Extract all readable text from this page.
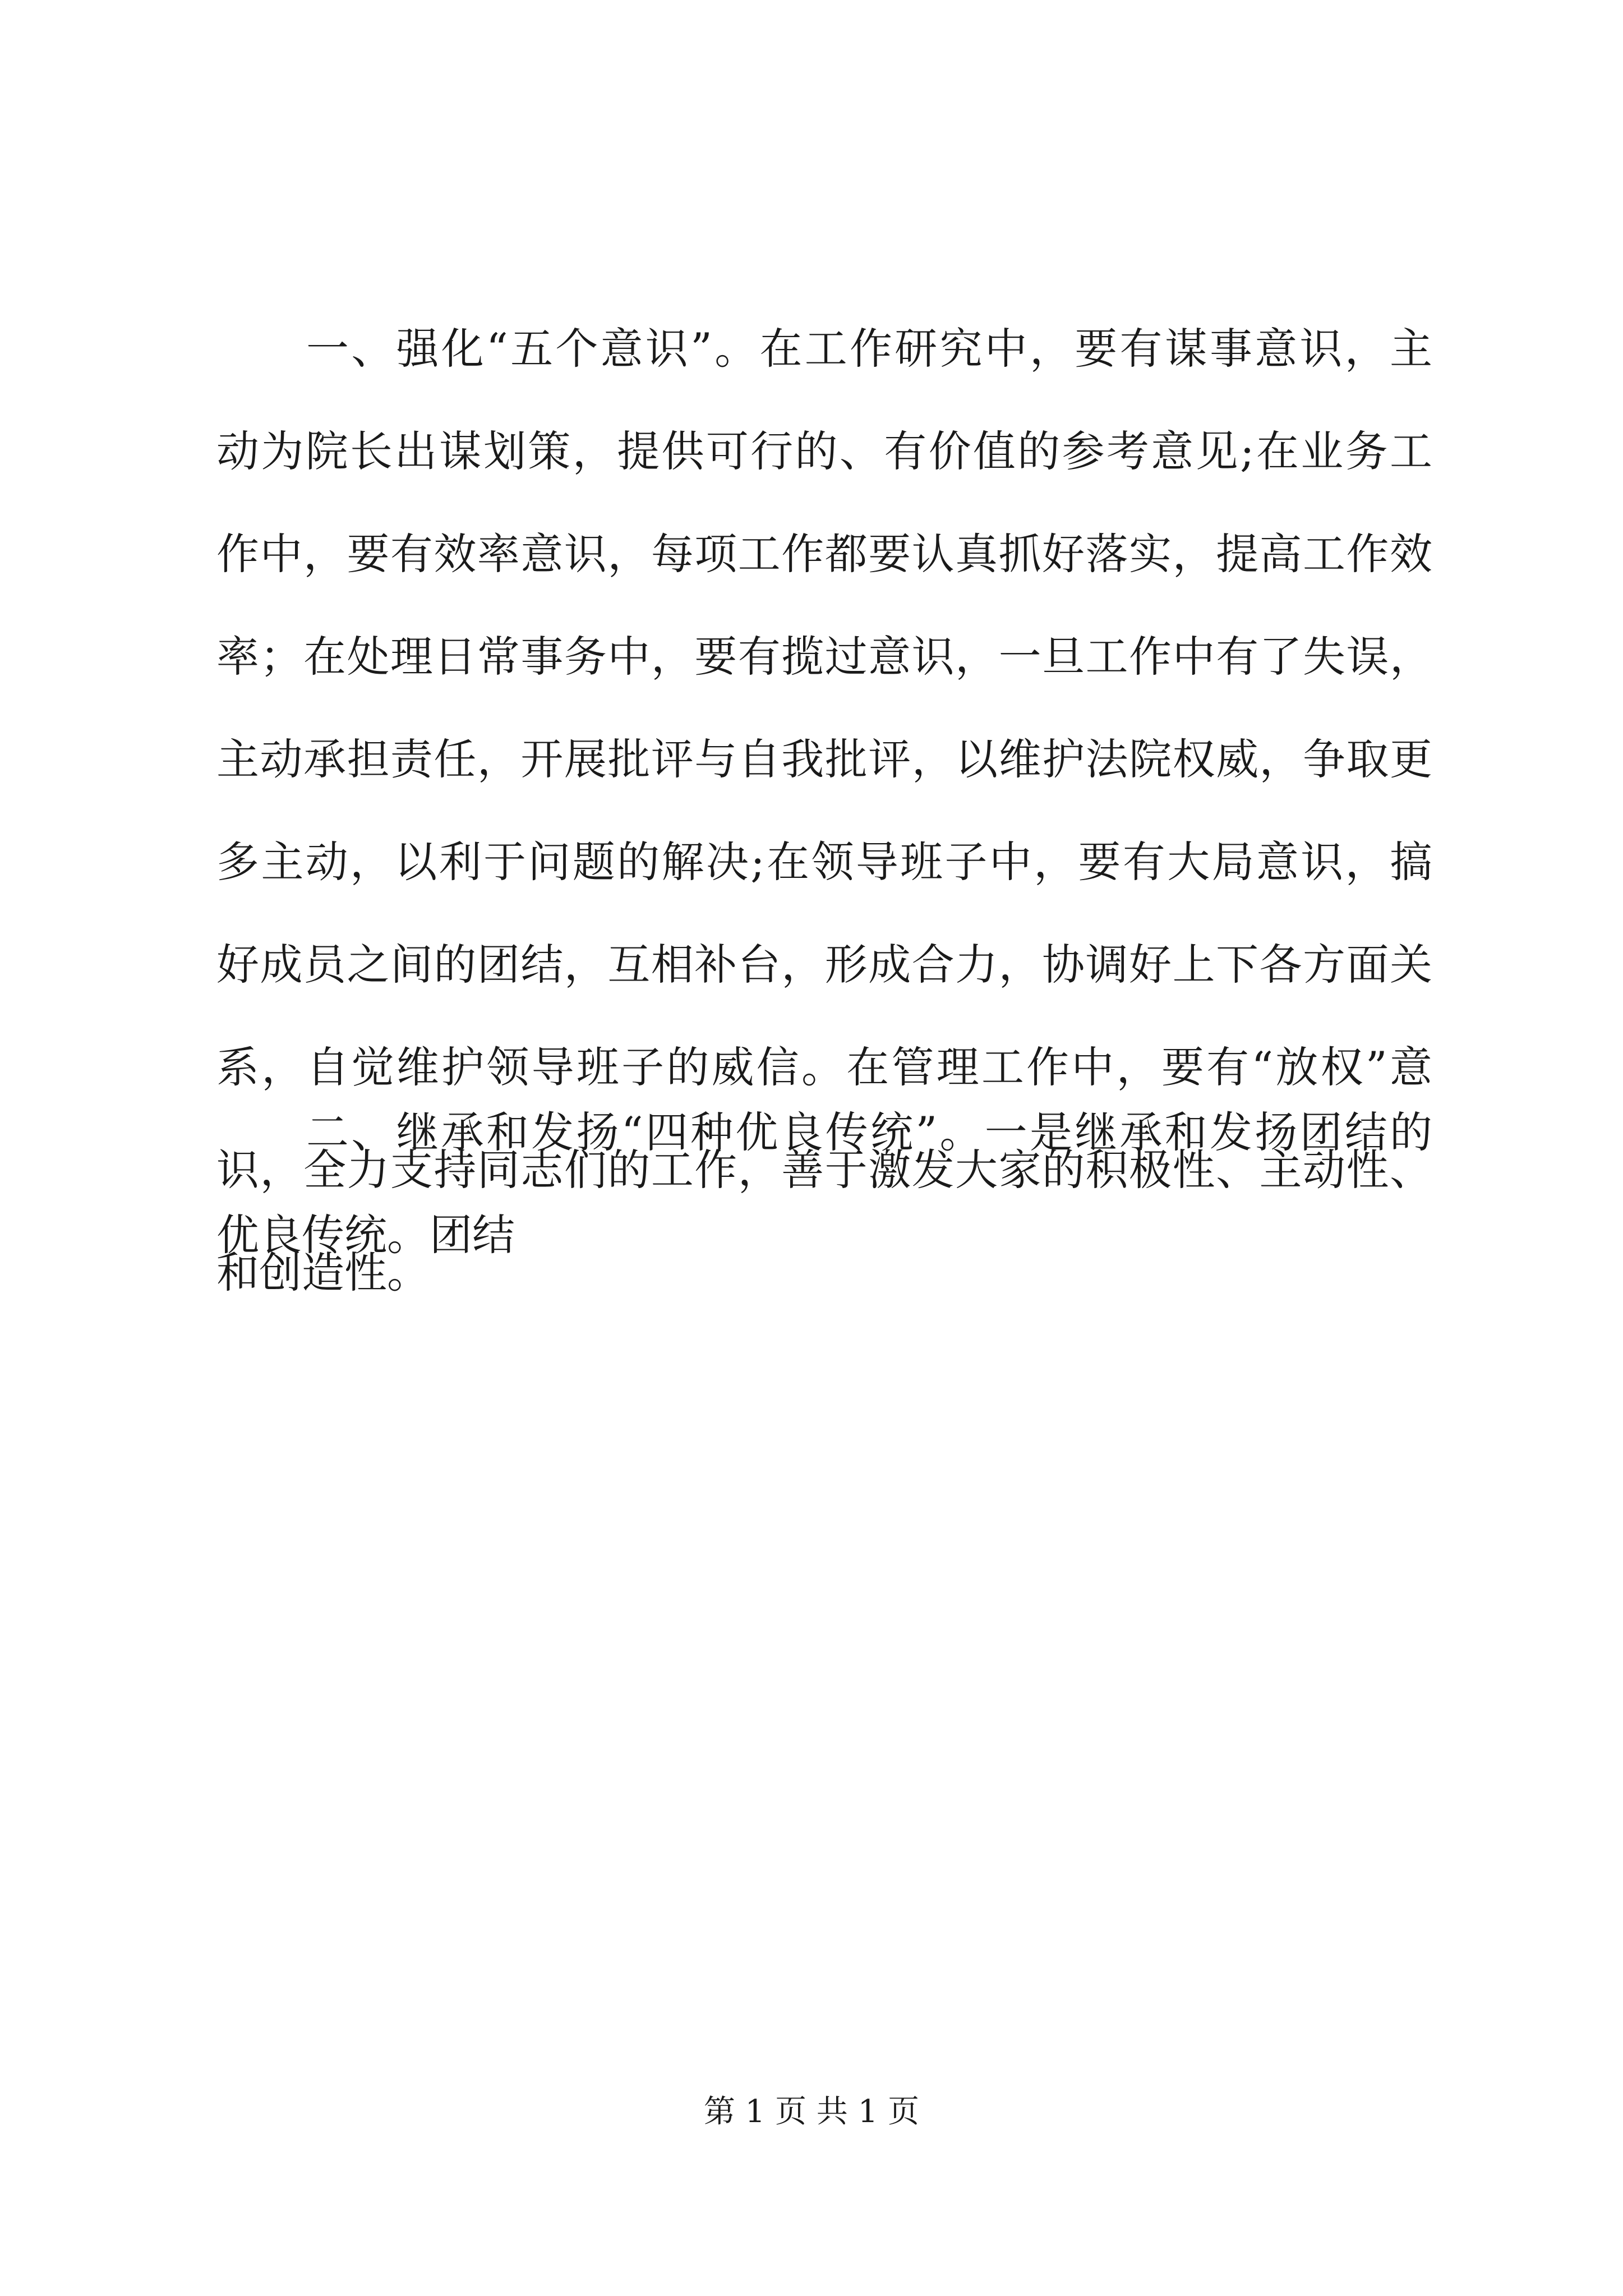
一、强化“五个意识”。在工作研究中，要有谋事意识，主
动为院长出谋划策，提供可行的、有价值的参考意见;在业务工
作中，要有效率意识，每项工作都要认真抓好落实，提高工作效
率；在处理日常事务中，要有揽过意识，一旦工作中有了失误，
主动承担责任，开展批评与自我批评，以维护法院权威，争取更
多主动，以利于问题的解决;在领导班子中，要有大局意识，搞
好成员之间的团结，互相补台，形成合力，协调好上下各方面关
系，自觉维护领导班子的威信。在管理工作中，要有“放权”意
识，全力支持同志们的工作，善于激发大家的积极性、主动性、
和创造性。
二、继承和发扬“四种优良传统”。一是继承和发扬团结的
优良传统。团结
第 1 页 共 1 页
